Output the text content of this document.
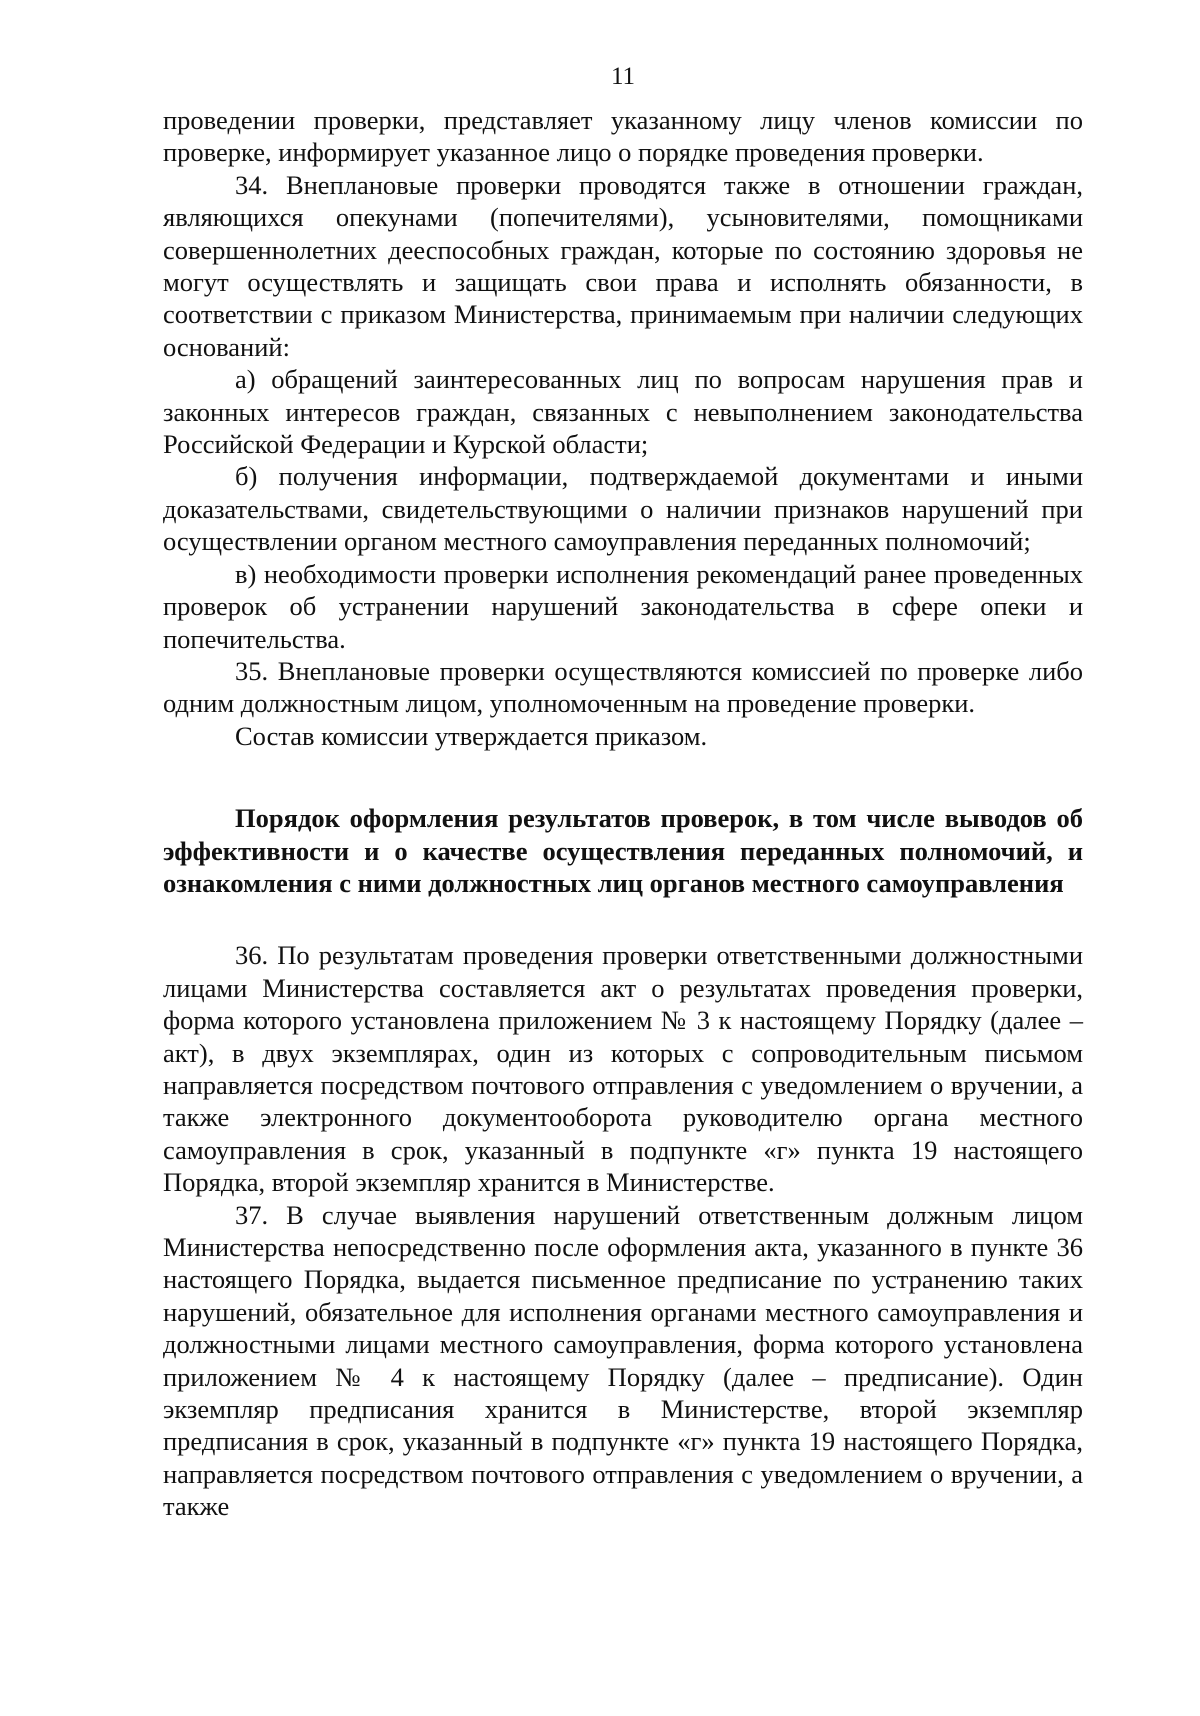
11

проведении проверки, представляет указанному лицу членов комиссии по проверке, информирует указанное лицо о порядке проведения проверки.

34. Внеплановые проверки проводятся также в отношении граждан, являющихся опекунами (попечителями), усыновителями, помощниками совершеннолетних дееспособных граждан, которые по состоянию здоровья не могут осуществлять и защищать свои права и исполнять обязанности, в соответствии с приказом Министерства, принимаемым при наличии следующих оснований:

а) обращений заинтересованных лиц по вопросам нарушения прав и законных интересов граждан, связанных с невыполнением законодательства Российской Федерации и Курской области;

б) получения информации, подтверждаемой документами и иными доказательствами, свидетельствующими о наличии признаков нарушений при осуществлении органом местного самоуправления переданных полномочий;

в) необходимости проверки исполнения рекомендаций ранее проведенных проверок об устранении нарушений законодательства в сфере опеки и попечительства.

35. Внеплановые проверки осуществляются комиссией по проверке либо одним должностным лицом, уполномоченным на проведение проверки.

Состав комиссии утверждается приказом.

Порядок оформления результатов проверок, в том числе выводов об эффективности и о качестве осуществления переданных полномочий, и ознакомления с ними должностных лиц органов местного самоуправления

36. По результатам проведения проверки ответственными должностными лицами Министерства составляется акт о результатах проведения проверки, форма которого установлена приложением № 3 к настоящему Порядку (далее – акт), в двух экземплярах, один из которых с сопроводительным письмом направляется посредством почтового отправления с уведомлением о вручении, а также электронного документооборота руководителю органа местного самоуправления в срок, указанный в подпункте «г» пункта 19 настоящего Порядка, второй экземпляр хранится в Министерстве.

37. В случае выявления нарушений ответственным должным лицом Министерства непосредственно после оформления акта, указанного в пункте 36 настоящего Порядка, выдается письменное предписание по устранению таких нарушений, обязательное для исполнения органами местного самоуправления и должностными лицами местного самоуправления, форма которого установлена приложением № 4 к настоящему Порядку (далее – предписание). Один экземпляр предписания хранится в Министерстве, второй экземпляр предписания в срок, указанный в подпункте «г» пункта 19 настоящего Порядка, направляется посредством почтового отправления с уведомлением о вручении, а также
